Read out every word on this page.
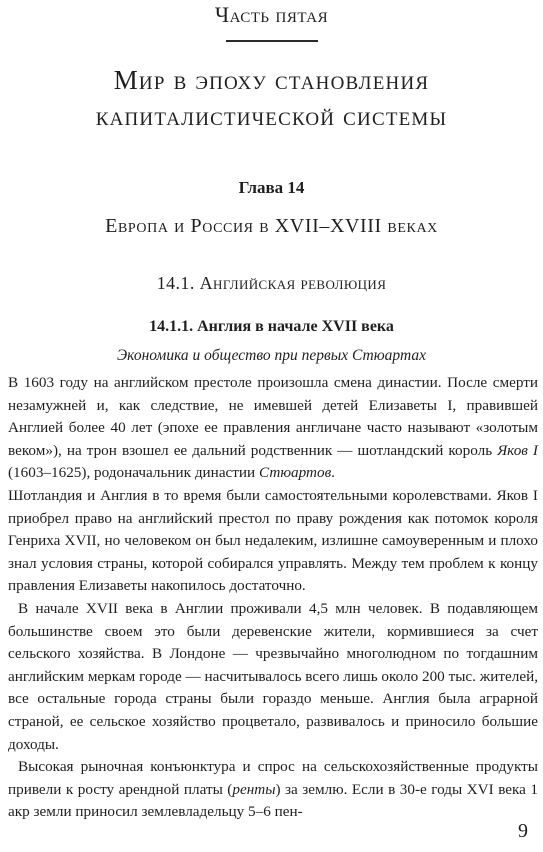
Часть пятая
Мир в эпоху становления
капиталистической системы
Глава 14
Европа и Россия в XVII–XVIII веках
14.1. Английская революция
14.1.1. Англия в начале XVII века
Экономика и общество при первых Стюартах

В 1603 году на английском престоле произошла смена династии. После смерти незамужней и, как следствие, не имевшей детей Елизаветы I, правившей Англией более 40 лет (эпохе ее правления англичане часто называют «золотым веком»), на трон взошел ее дальний родственник — шотландский король Яков I (1603–1625), родоначальник династии Стюартов.

Шотландия и Англия в то время были самостоятельными королевствами. Яков I приобрел право на английский престол по праву рождения как потомок короля Генриха XVII, но человеком он был недалеким, излишне самоуверенным и плохо знал условия страны, которой собирался управлять. Между тем проблем к концу правления Елизаветы накопилось достаточно.

В начале XVII века в Англии проживали 4,5 млн человек. В подавляющем большинстве своем это были деревенские жители, кормившиеся за счет сельского хозяйства. В Лондоне — чрезвычайно многолюдном по тогдашним английским меркам городе — насчитывалось всего лишь около 200 тыс. жителей, все остальные города страны были гораздо меньше. Англия была аграрной страной, ее сельское хозяйство процветало, развивалось и приносило большие доходы.

Высокая рыночная конъюнктура и спрос на сельскохозяйственные продукты привели к росту арендной платы (ренты) за землю. Если в 30-е годы XVI века 1 акр земли приносил землевладельцу 5–6 пен-

9
